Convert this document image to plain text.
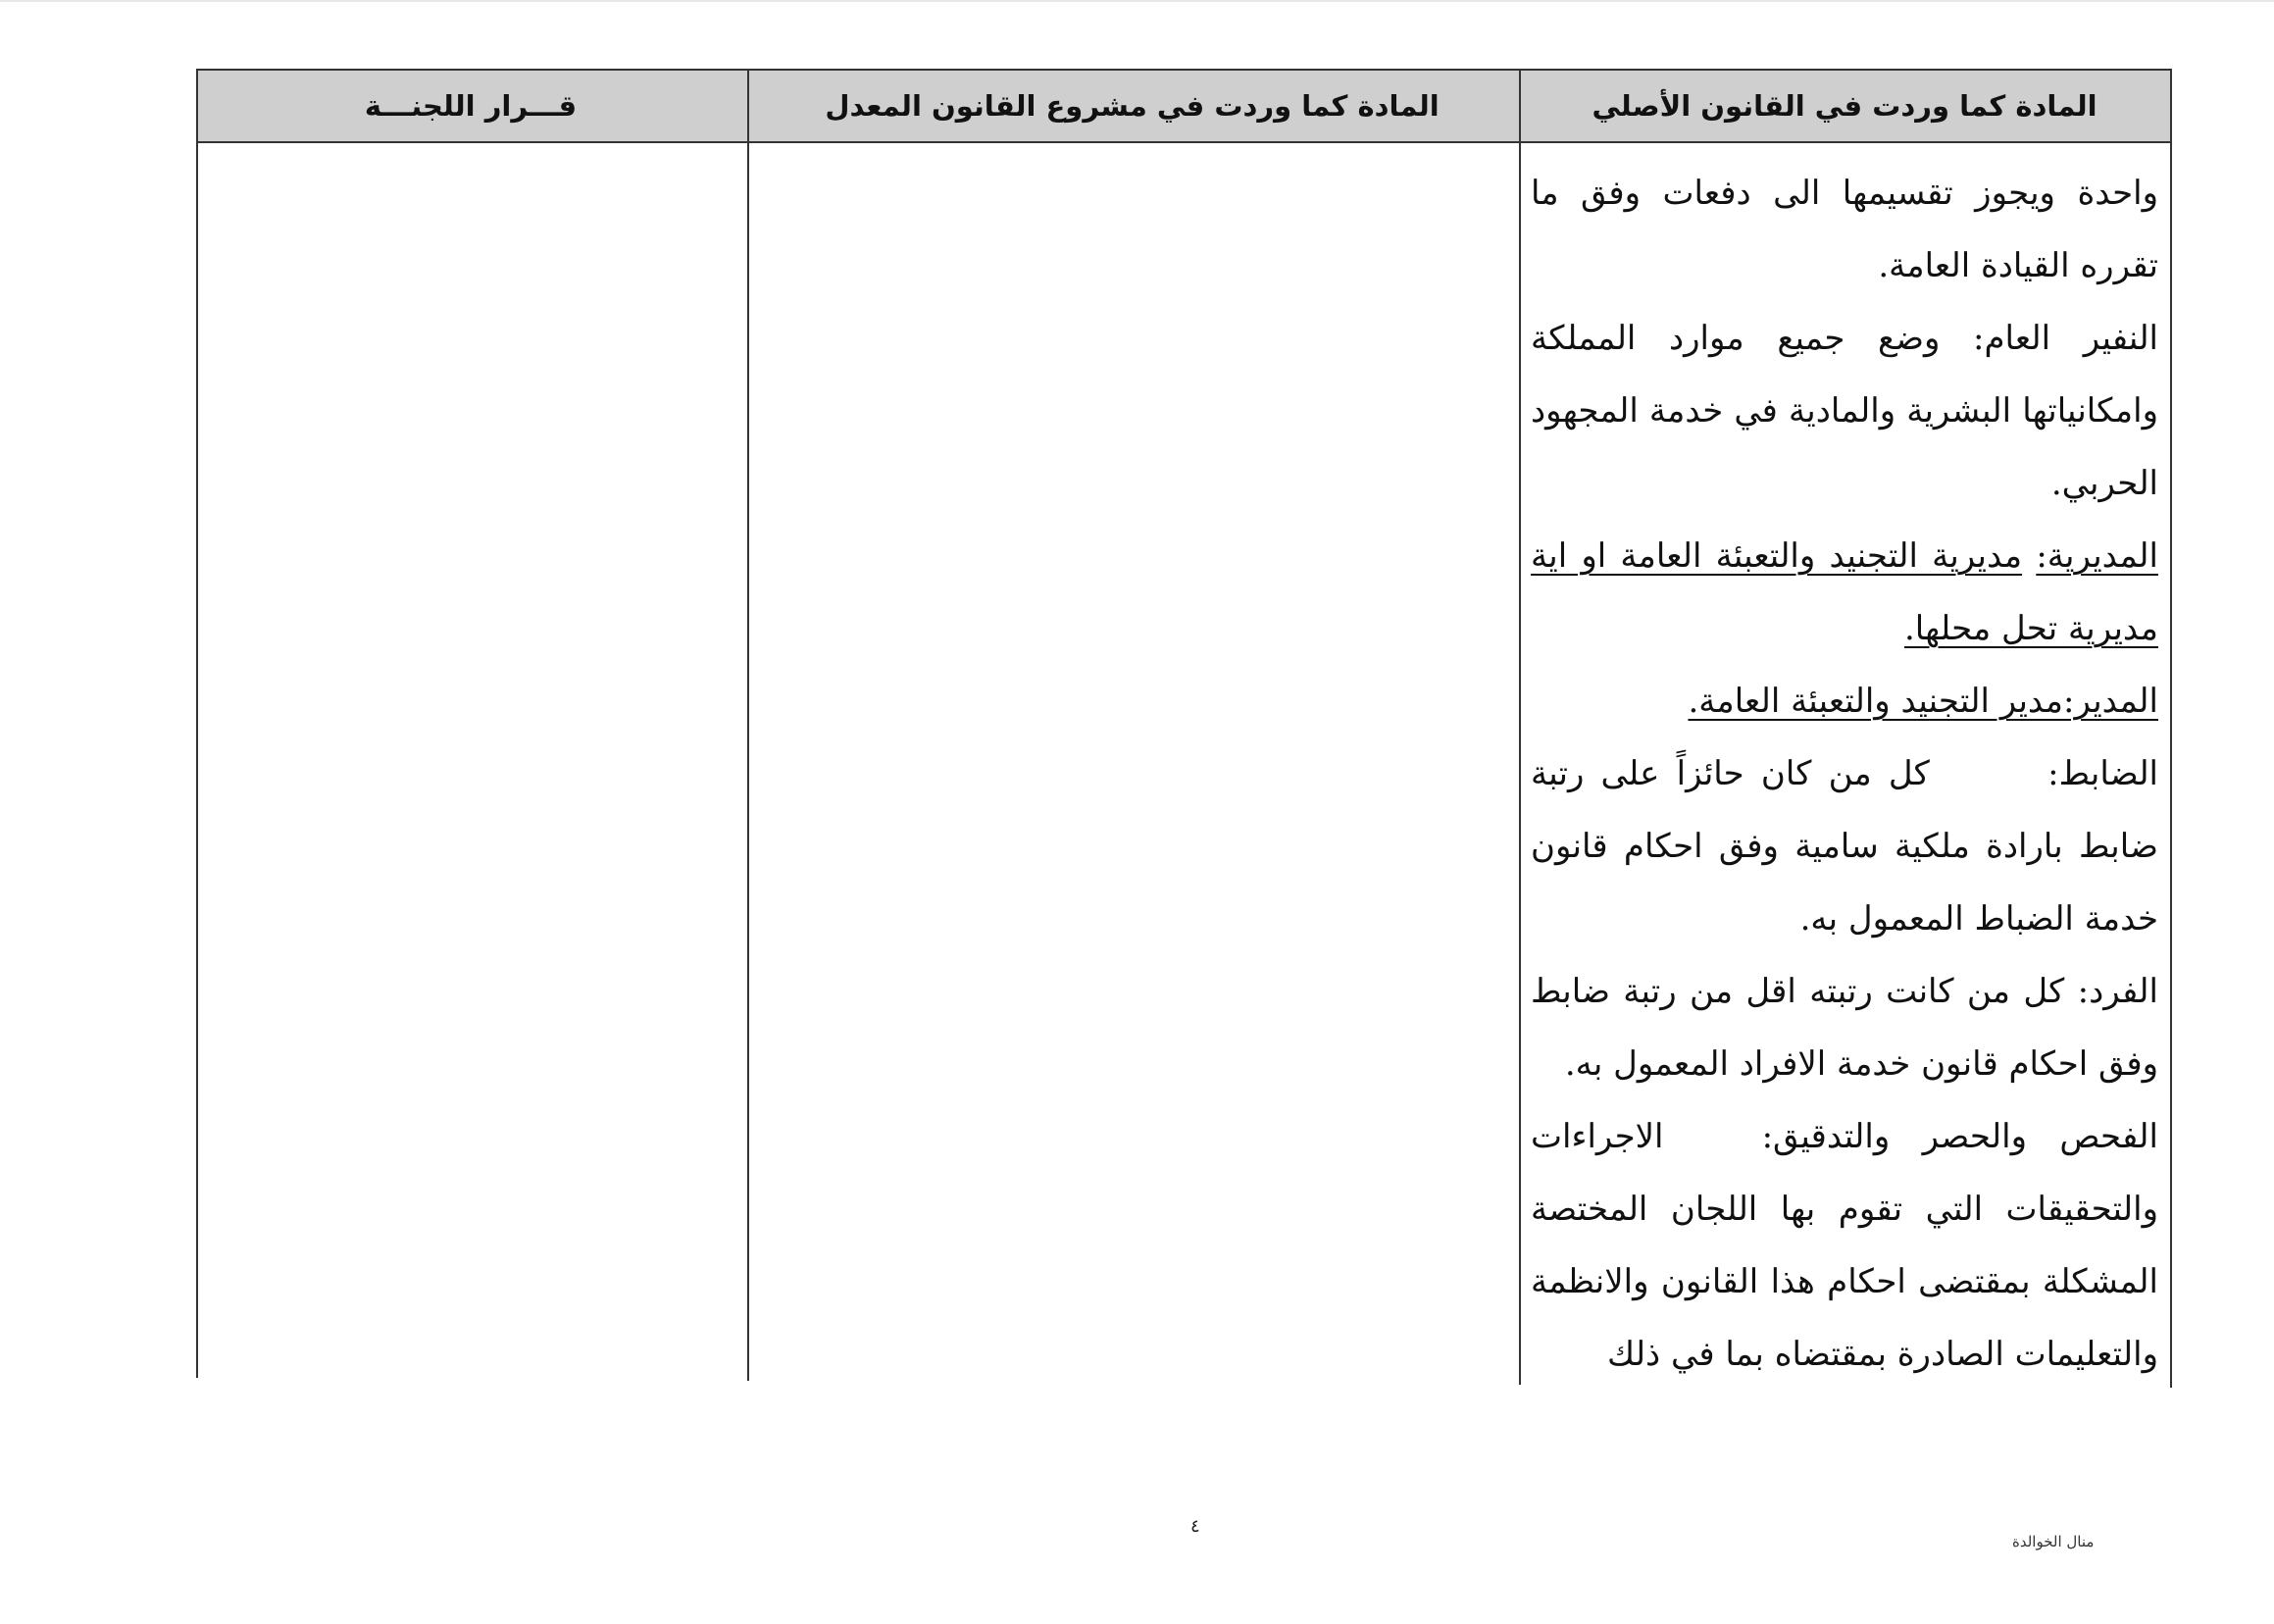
المادة كما وردت في القانون الأصلي
المادة كما وردت في مشروع القانون المعدل
قـــرار اللجنـــة

واحدة ويجوز تقسيمها الى دفعات وفق ما تقرره القيادة العامة.

النفير العام: وضع جميع موارد المملكة وامكانياتها البشرية والمادية في خدمة المجهود الحربي.

المديرية: مديرية التجنيد والتعبئة العامة او اية مديرية تحل محلها.

المدير:مدير التجنيد والتعبئة العامة.

الضابط:       كل من كان حائزاً على رتبة ضابط بارادة ملكية سامية وفق احكام قانون خدمة الضباط المعمول به.

الفرد: كل من كانت رتبته اقل من رتبة ضابط وفق احكام قانون خدمة الافراد المعمول به.

الفحص والحصر والتدقيق:   الاجراءات والتحقيقات التي تقوم بها اللجان المختصة المشكلة بمقتضى احكام هذا القانون والانظمة والتعليمات الصادرة بمقتضاه بما في ذلك

٤
منال الخوالدة
